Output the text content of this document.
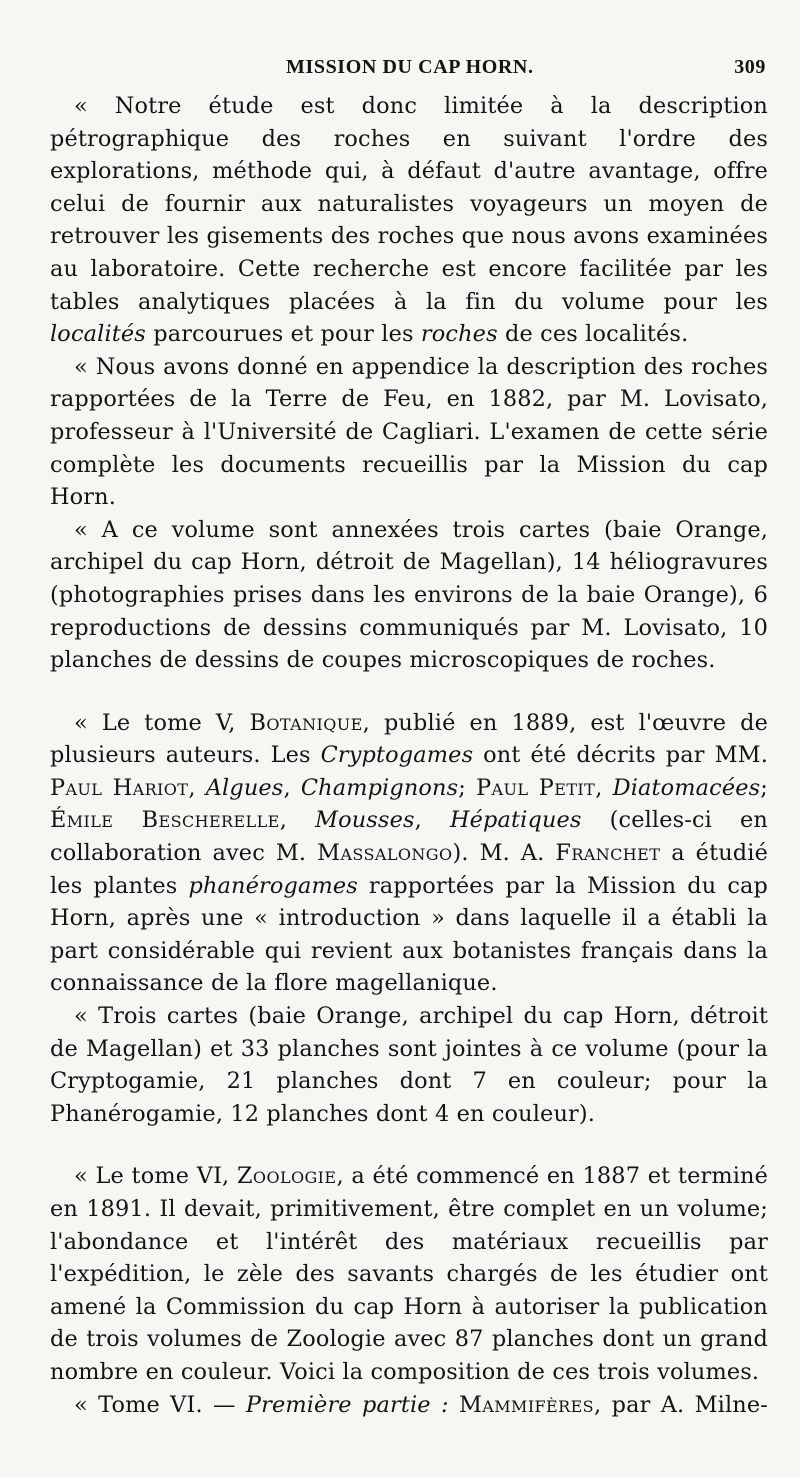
MISSION DU CAP HORN.	309

« Notre étude est donc limitée à la description pétrographique des roches en suivant l'ordre des explorations, méthode qui, à défaut d'autre avantage, offre celui de fournir aux naturalistes voyageurs un moyen de retrouver les gisements des roches que nous avons examinées au laboratoire. Cette recherche est encore facilitée par les tables analytiques placées à la fin du volume pour les localités parcourues et pour les roches de ces localités.

« Nous avons donné en appendice la description des roches rapportées de la Terre de Feu, en 1882, par M. Lovisato, professeur à l'Université de Cagliari. L'examen de cette série complète les documents recueillis par la Mission du cap Horn.

« A ce volume sont annexées trois cartes (baie Orange, archipel du cap Horn, détroit de Magellan), 14 héliogravures (photographies prises dans les environs de la baie Orange), 6 reproductions de dessins communiqués par M. Lovisato, 10 planches de dessins de coupes microscopiques de roches.

« Le tome V, Botanique, publié en 1889, est l'œuvre de plusieurs auteurs. Les Cryptogames ont été décrits par MM. Paul Hariot, Algues, Champignons; Paul Petit, Diatomacées; Émile Bescherelle, Mousses, Hépatiques (celles-ci en collaboration avec M. Massalongo). M. A. Franchet a étudié les plantes phanérogames rapportées par la Mission du cap Horn, après une « introduction » dans laquelle il a établi la part considérable qui revient aux botanistes français dans la connaissance de la flore magellanique.

« Trois cartes (baie Orange, archipel du cap Horn, détroit de Magellan) et 33 planches sont jointes à ce volume (pour la Cryptogamie, 21 planches dont 7 en couleur; pour la Phanérogamie, 12 planches dont 4 en couleur).

« Le tome VI, Zoologie, a été commencé en 1887 et terminé en 1891. Il devait, primitivement, être complet en un volume; l'abondance et l'intérêt des matériaux recueillis par l'expédition, le zèle des savants chargés de les étudier ont amené la Commission du cap Horn à autoriser la publication de trois volumes de Zoologie avec 87 planches dont un grand nombre en couleur. Voici la composition de ces trois volumes.

« Tome VI. — Première partie : Mammifères, par A. Milne-
